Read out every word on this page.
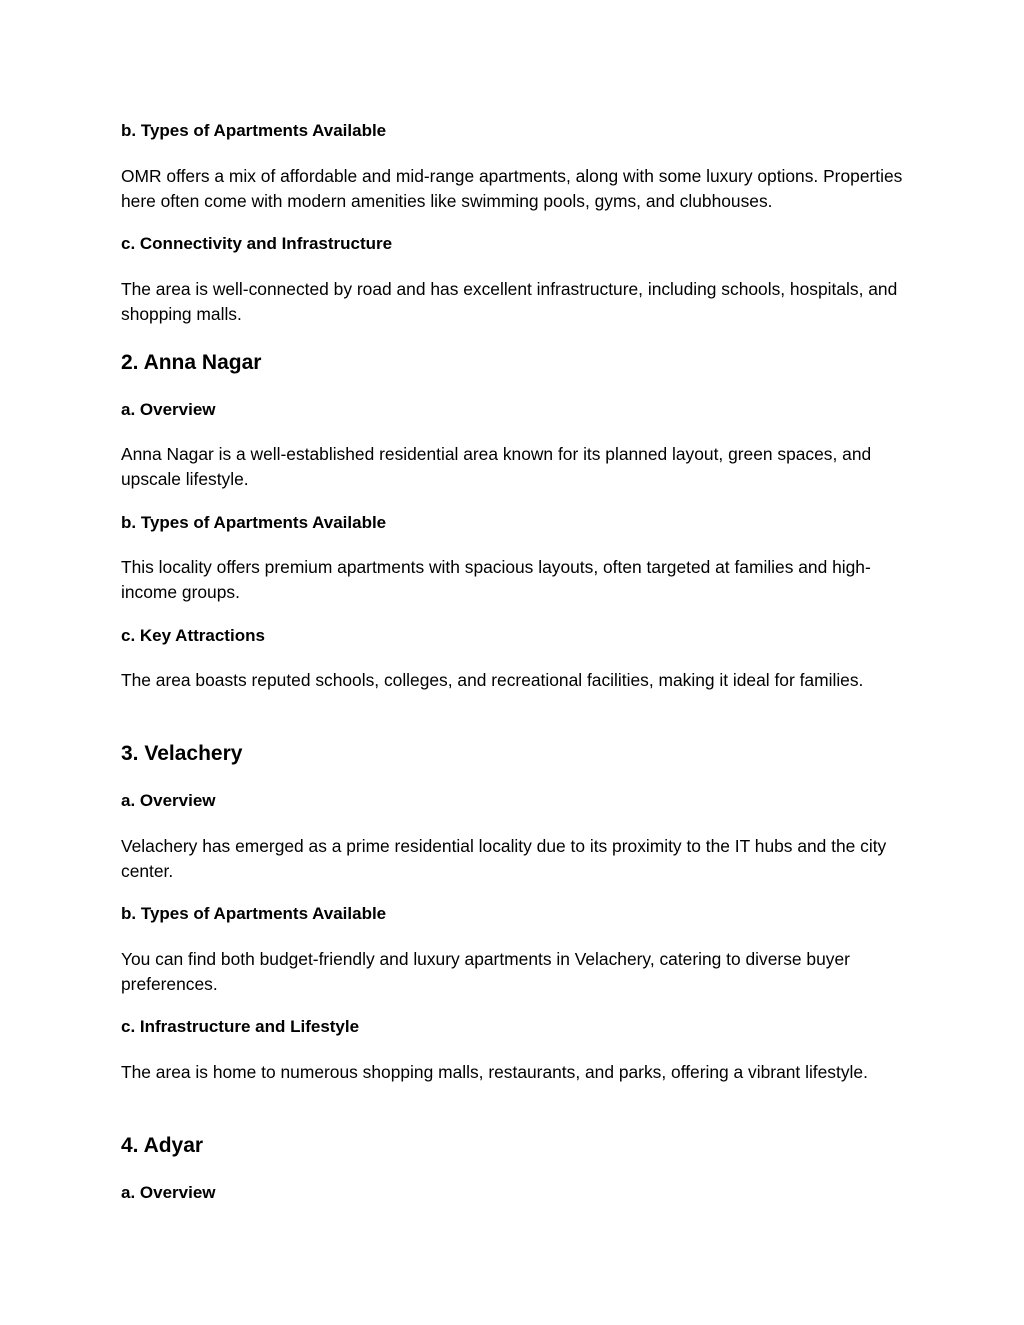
b. Types of Apartments Available

OMR offers a mix of affordable and mid-range apartments, along with some luxury options. Properties here often come with modern amenities like swimming pools, gyms, and clubhouses.

c. Connectivity and Infrastructure

The area is well-connected by road and has excellent infrastructure, including schools, hospitals, and shopping malls.

2. Anna Nagar
a. Overview

Anna Nagar is a well-established residential area known for its planned layout, green spaces, and upscale lifestyle.

b. Types of Apartments Available

This locality offers premium apartments with spacious layouts, often targeted at families and high-income groups.

c. Key Attractions

The area boasts reputed schools, colleges, and recreational facilities, making it ideal for families.

3. Velachery
a. Overview

Velachery has emerged as a prime residential locality due to its proximity to the IT hubs and the city center.

b. Types of Apartments Available

You can find both budget-friendly and luxury apartments in Velachery, catering to diverse buyer preferences.

c. Infrastructure and Lifestyle

The area is home to numerous shopping malls, restaurants, and parks, offering a vibrant lifestyle.

4. Adyar
a. Overview
